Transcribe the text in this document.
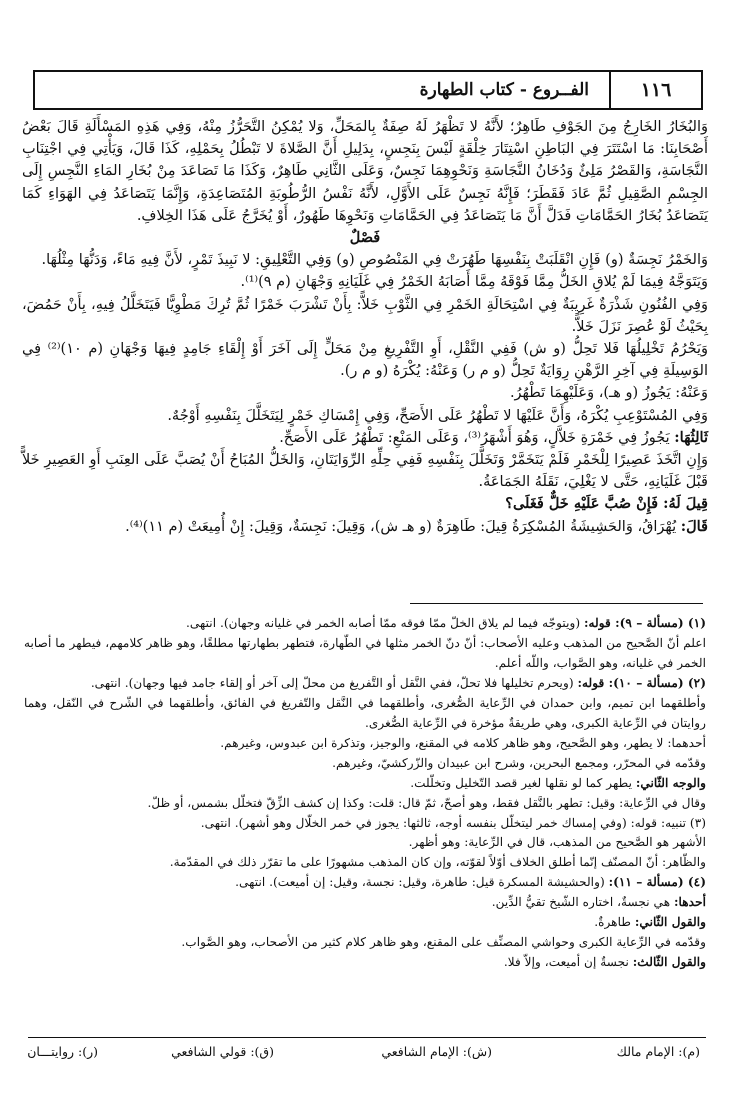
١١٦
الفــروع - كتاب الطهارة

وَالبُخَارُ الخَارِجُ مِنَ الجَوْفِ طَاهِرٌ؛ لأَنَّهُ لا تَظْهَرُ لَهُ صِفَةٌ بِالمَحَلِّ، وَلا يُمْكِنُ التَّحَرُّزُ مِنْهُ، وَفِي هَذِهِ المَسْأَلَةِ قَالَ بَعْضُ أَصْحَابِنَا: مَا اسْتَتَرَ فِي البَاطِنِ اسْتِتَارَ خِلْقَةٍ لَيْسَ بِنَجِسٍ، بِدَلِيلِ أَنَّ الصَّلاةَ لا تَبْطُلُ بِحَمْلِهِ، كَذَا قَالَ، وَيَأْتِي فِي اجْتِنَابِ النَّجَاسَةِ، وَالقَصْرُ مَلِئٌ وَدُخَانُ النَّجَاسَةِ وَنَحْوِهِمَا نَجِسٌ، وَعَلَى الثَّانِي طَاهِرٌ، وَكَذَا مَا تَصَاعَدَ مِنْ بُخَارِ المَاءِ النَّجِسِ إِلَى الجِسْمِ الصَّقِيلِ ثُمَّ عَادَ فَقَطَرَ؛ فَإِنَّهُ نَجِسٌ عَلَى الأَوَّلِ، لأَنَّهُ نَفْسُ الرُّطُوبَةِ المُتَصَاعِدَةِ، وَإِنَّمَا يَتَصَاعَدُ فِي الهَوَاءِ كَمَا يَتَصَاعَدُ بُخَارُ الحَمَّامَاتِ فَدَلَّ أَنَّ مَا يَتَصَاعَدُ فِي الحَمَّامَاتِ وَنَحْوِهَا طَهُورٌ، أَوْ يُخَرَّجُ عَلَى هَذَا الخِلافِ.

فَصْلٌ

وَالخَمْرُ نَجِسَةٌ (و) فَإِنِ انْقَلَبَتْ بِنَفْسِهَا طَهُرَتْ فِي المَنْصُوصِ (و) وَفِي التَّعْلِيقِ: لا نَبِيذَ تَمْرٍ، لأَنَّ فِيهِ مَاءً، وَدَنُّهَا مِثْلُهَا.

وَيَتَوَجَّهُ فِيمَا لَمْ يُلاقِ الخَلُّ مِمَّا فَوْقَهُ مِمَّا أَصَابَهُ الخَمْرُ فِي غَلَيَانِهِ وَجْهَانِ (م ٩)⁽¹⁾.

وَفِي الفُنُونِ شَذْرَةٌ غَرِيبَةٌ فِي اسْتِحَالَةِ الخَمْرِ فِي الثَّوْبِ خَلاًّ: بِأَنْ تَشْرَبَ خَمْرًا ثُمَّ تُرِكَ مَطْوِيًّا فَيَتَخَلَّلُ فِيهِ، بِأَنْ حَمُضَ، بِحَيْثُ لَوْ عُصِرَ نَزَلَ خَلاًّ.

وَيَحْرُمُ تَخْلِيلُهَا فَلا تَحِلُّ (و ش) فَفِي النَّقْلِ، أَوِ التَّفْرِيغِ مِنْ مَحَلٍّ إِلَى آخَرَ أَوْ إِلْقَاءِ جَامِدٍ فِيهَا وَجْهَانِ (م ١٠)⁽²⁾ فِي الوَسِيلَةِ فِي آخِرِ الرَّهْنِ رِوَايَةٌ تَحِلُّ (و م ر) وَعَنْهُ: يُكْرَهُ (و م ر).

وَعَنْهُ: يَجُوزُ (و هـ)، وَعَلَيْهِمَا تَطْهُرُ.

وَفِي المُسْتَوْعِبِ يُكْرَهُ، وَأَنَّ عَلَيْهَا لا تَطْهُرُ عَلَى الأَصَحِّ، وَفِي إِمْسَاكِ خَمْرٍ لِيَتَخَلَّلَ بِنَفْسِهِ أَوْجُهٌ.

ثَالِثُهَا: يَجُوزُ فِي خَمْرَةِ خَلاَّلٍ، وَهُوَ أَشْهَرُ⁽³⁾، وَعَلَى المَنْعِ: تَطْهُرُ عَلَى الأَصَحِّ.

وَإِنِ اتَّخَذَ عَصِيرًا لِلْخَمْرِ فَلَمْ يَتَخَمَّرْ وَتَخَلَّلَ بِنَفْسِهِ فَفِي حِلِّهِ الرِّوَايَتَانِ، وَالخَلُّ المُبَاحُ أَنْ يُصَبَّ عَلَى العِنَبِ أَوِ العَصِيرِ خَلاًّ قَبْلَ غَلَيَانِهِ، حَتَّى لا يَغْلِيَ، نَقَلَهُ الجَمَاعَةُ.

قِيلَ لَهُ: فَإِنْ صُبَّ عَلَيْهِ خَلٌّ فَغَلَى؟

قَالَ: يُهْرَاقُ، وَالحَشِيشَةُ المُسْكِرَةُ قِيلَ: طَاهِرَةٌ (و هـ ش)، وَقِيلَ: نَجِسَةٌ، وَقِيلَ: إِنْ أُمِيعَتْ (م ١١)⁽⁴⁾.

(١) (مسألة – ٩): قوله: (ويتوجّه فيما لم يلاق الخلّ ممّا فوقه ممّا أصابه الخمر في غليانه وجهان). انتهى.

اعلم أنّ الصَّحيح من المذهب وعليه الأصحاب: أنّ دنّ الخمر مثلها في الطّهارة، فتطهر بطهارتها مطلقًا، وهو ظاهر كلامهم، فيطهر ما أصابه الخمر في غليانه، وهو الصَّواب، واللّه أعلم.

(٢) (مسألة – ١٠): قوله: (ويحرم تخليلها فلا تحلّ، ففي النَّقل أو التَّفريغ من محلّ إلى آخر أو إلقاء جامد فيها وجهان). انتهى.

وأطلقهما ابن تميم، وابن حمدان في الرِّعاية الصُّغرى، وأطلقهما في النَّقل والتّفريغ في الفائق، وأطلقهما في الشّرح في النّقل، وهما روايتان في الرِّعاية الكبرى، وهي طريقةٌ مؤخرة في الرِّعاية الصُّغرى.

أحدهما: لا يطهر، وهو الصَّحيح، وهو ظاهر كلامه في المقنع، والوجيز، وتذكرة ابن عبدوس، وغيرهم.

وقدّمه في المحرّر، ومجمع البحرين، وشرح ابن عبيدان والزّركشيّ، وغيرهم.

والوجه الثّاني: يطهر كما لو نقلها لغير قصد التّخليل وتخلّلت.

وقال في الرِّعاية: وقيل: تطهر بالنَّقل فقط، وهو أصحّ، ثمّ قال: قلت: وكذا إن كشف الزِّقّ فتخلّل بشمس، أو ظلّ.

(٣) تنبيه: قوله: (وفي إمساك خمر ليتخلّل بنفسه أوجه، ثالثها: يجوز في خمر الخلّال وهو أشهر). انتهى.

الأشهر هو الصَّحيح من المذهب، قال في الرِّعاية: وهو أظهر.

والظّاهر: أنّ المصنّف إنّما أطلق الخلاف أوّلاً لقوّته، وإن كان المذهب مشهورًا على ما تقرّر ذلك في المقدّمة.

(٤) (مسألة – ١١): (والحشيشة المسكرة قيل: طاهرة، وقيل: نجسة، وقيل: إن أميعت). انتهى.

أحدها: هي نجسةٌ، اختاره الشّيخ تقيُّ الدِّين.

والقول الثّاني: طاهرةٌ.

وقدّمه في الرِّعاية الكبرى وحواشي المصنِّف على المقنع، وهو ظاهر كلام كثير من الأصحاب، وهو الصَّواب.

والقول الثّالث: نجسةٌ إن أميعت، وإلاّ فلا.

(م): الإمام مالك
(ش): الإمام الشافعي
(ق): قولي الشافعي
(ر): روايتـــان
